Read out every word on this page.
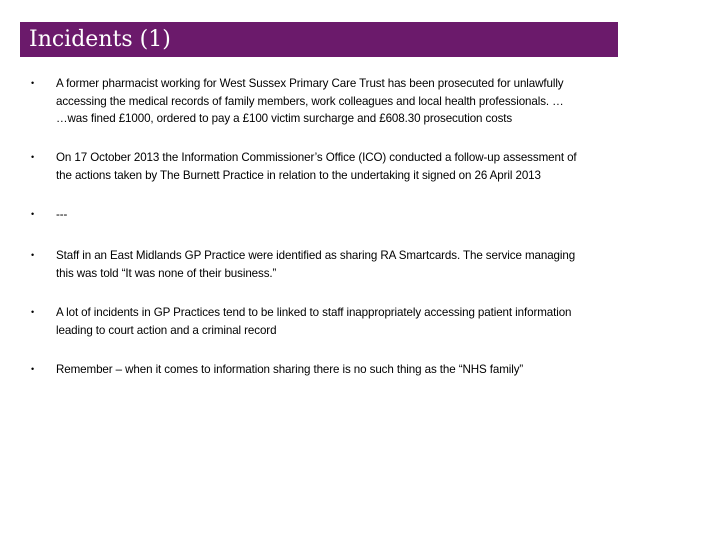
Incidents (1)
• A former pharmacist working for West Sussex Primary Care Trust has been prosecuted for unlawfully
accessing the medical records of family members, work colleagues and local health professionals. …
…was fined £1000, ordered to pay a £100 victim surcharge and £608.30 prosecution costs
• On 17 October 2013 the Information Commissioner’s Office (ICO) conducted a follow-up assessment of
the actions taken by The Burnett Practice in relation to the undertaking it signed on 26 April 2013
• ---
• Staff in an East Midlands GP Practice were identified as sharing RA Smartcards. The service managing
this was told “It was none of their business.”
• A lot of incidents in GP Practices tend to be linked to staff inappropriately accessing patient information
leading to court action and a criminal record
• Remember – when it comes to information sharing there is no such thing as the “NHS family”
